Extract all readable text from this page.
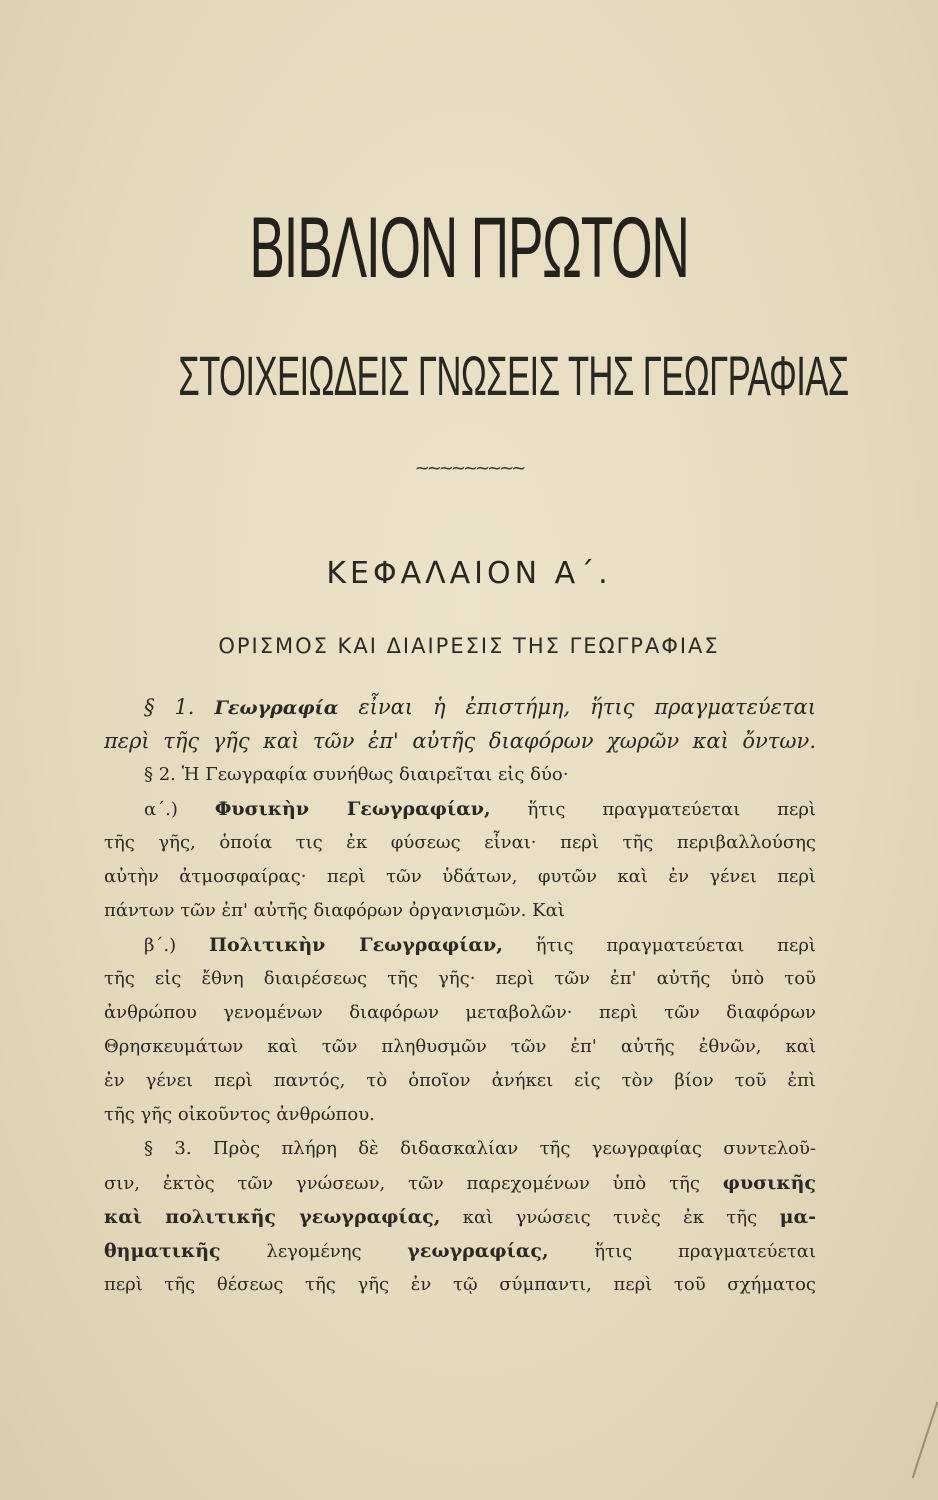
ΒΙΒΛΙΟΝ ΠΡΩΤΟΝ
ΣΤΟΙΧΕΙΩΔΕΙΣ ΓΝΩΣΕΙΣ ΤΗΣ ΓΕΩΓΡΑΦΙΑΣ
~~~~~~~~~
ΚΕΦΑΛΑΙΟΝ Α΄.
ΟΡΙΣΜΟΣ ΚΑΙ ΔΙΑΙΡΕΣΙΣ ΤΗΣ ΓΕΩΓΡΑΦΙΑΣ
§ 1. Γεωγραφία εἶναι ἡ ἐπιστήμη, ἥτις πραγματεύεται
περὶ τῆς γῆς καὶ τῶν ἐπ' αὐτῆς διαφόρων χωρῶν καὶ ὄντων.
§ 2. Ἡ Γεωγραφία συνήθως διαιρεῖται εἰς δύο·
α΄.) Φυσικὴν Γεωγραφίαν, ἥτις πραγματεύεται περὶ
τῆς γῆς, ὁποία τις ἐκ φύσεως εἶναι· περὶ τῆς περιβαλλούσης
αὐτὴν ἀτμοσφαίρας· περὶ τῶν ὑδάτων, φυτῶν καὶ ἐν γένει περὶ
πάντων τῶν ἐπ' αὐτῆς διαφόρων ὀργανισμῶν. Καὶ
β΄.) Πολιτικὴν Γεωγραφίαν, ἥτις πραγματεύεται περὶ
τῆς εἰς ἔθνη διαιρέσεως τῆς γῆς· περὶ τῶν ἐπ' αὐτῆς ὑπὸ τοῦ
ἀνθρώπου γενομένων διαφόρων μεταβολῶν· περὶ τῶν διαφόρων
Θρησκευμάτων καὶ τῶν πληθυσμῶν τῶν ἐπ' αὐτῆς ἐθνῶν, καὶ
ἐν γένει περὶ παντός, τὸ ὁποῖον ἀνήκει εἰς τὸν βίον τοῦ ἐπὶ
τῆς γῆς οἰκοῦντος ἀνθρώπου.
§ 3. Πρὸς πλήρη δὲ διδασκαλίαν τῆς γεωγραφίας συντελοῦ-
σιν, ἐκτὸς τῶν γνώσεων, τῶν παρεχομένων ὑπὸ τῆς φυσικῆς
καὶ πολιτικῆς γεωγραφίας, καὶ γνώσεις τινὲς ἐκ τῆς μα-
θηματικῆς	λεγομένης γεωγραφίας,	ἥτις πραγματεύεται
περὶ τῆς θέσεως τῆς γῆς ἐν τῷ σύμπαντι, περὶ τοῦ σχήματος
